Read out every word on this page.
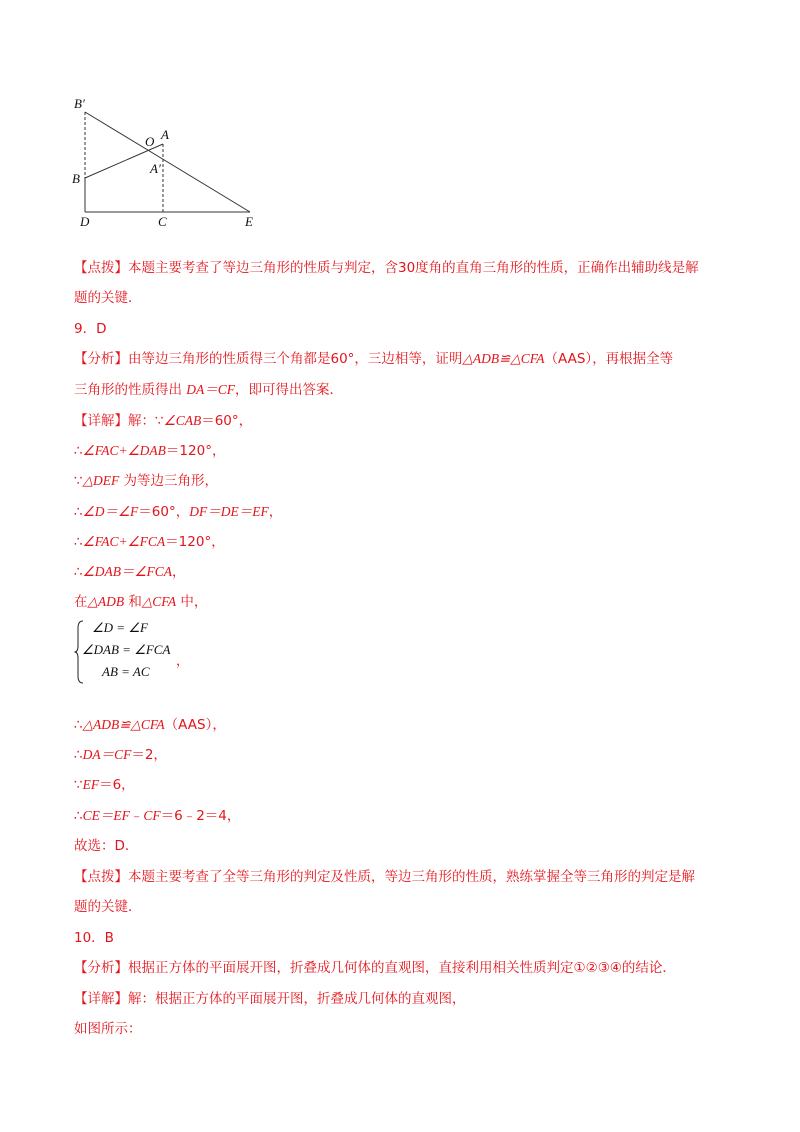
B′
O A
A′
B
D	C	E
【点拨】本题主要考查了等边三角形的性质与判定，含30度角的直角三角形的性质，正确作出辅助线是解
题的关键．
9．D
【分析】由等边三角形的性质得三个角都是60°，三边相等，证明△ADB≌△CFA（AAS），再根据全等
三角形的性质得出 DA＝CF，即可得出答案．
【详解】解：∵∠CAB＝60°，
∴∠FAC+∠DAB＝120°，
∵△DEF 为等边三角形，
∴∠D＝∠F＝60°，DF＝DE＝EF，
∴∠FAC+∠FCA＝120°，
∴∠DAB＝∠FCA，
在△ADB 和△CFA 中，
∠D = ∠F
∠DAB = ∠FCA
AB = AC
，
∴△ADB≌△CFA（AAS），
∴DA＝CF＝2，
∵EF＝6，
∴CE＝EF﹣CF＝6﹣2＝4，
故选：D．
【点拨】本题主要考查了全等三角形的判定及性质，等边三角形的性质，熟练掌握全等三角形的判定是解
题的关键．
10．B
【分析】根据正方体的平面展开图，折叠成几何体的直观图，直接利用相关性质判定①②③④的结论．
【详解】解：根据正方体的平面展开图，折叠成几何体的直观图，
如图所示：
